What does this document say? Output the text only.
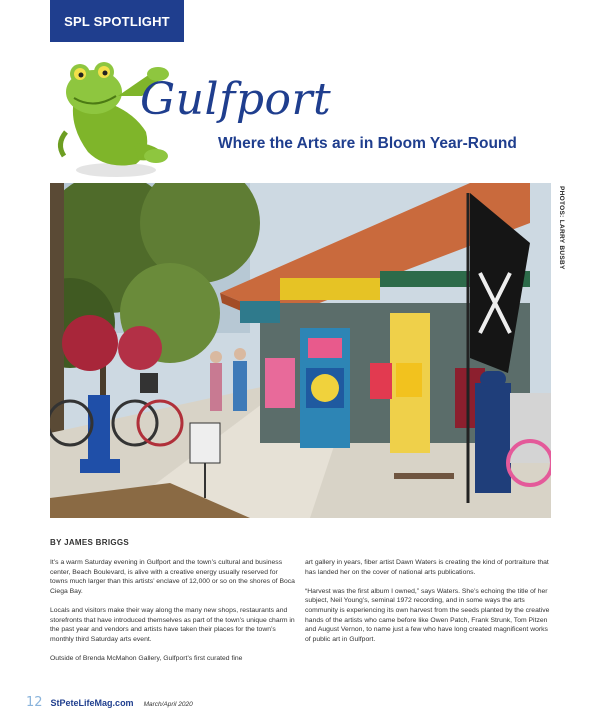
SPL SPOTLIGHT
Gulfport
Where the Arts are in Bloom Year-Round
PHOTOS: LARRY BUSBY
BY JAMES BRIGGS

It’s a warm Saturday evening in Gulfport and the town’s cultural and business center, Beach Boulevard, is alive with a creative energy usually reserved for towns much larger than this artists’ enclave of 12,000 or so on the shores of Boca Ciega Bay.

Locals and visitors make their way along the many new shops, restaurants and storefronts that have introduced themselves as part of the town’s unique charm in the past year and vendors and artists have taken their places for the town’s monthly third Saturday arts event.

Outside of Brenda McMahon Gallery, Gulfport’s first curated fine

art gallery in years, fiber artist Dawn Waters is creating the kind of portraiture that has landed her on the cover of national arts publications.

“Harvest was the first album I owned,” says Waters. She’s echoing the title of her subject, Neil Young’s, seminal 1972 recording, and in some ways the arts community is experiencing its own harvest from the seeds planted by the creative hands of the artists who came before like Owen Patch, Frank Strunk, Tom Pitzen and August Vernon, to name just a few who have long created magnificent works of public art in Gulfport.

12 StPeteLifeMag.com March/April 2020
